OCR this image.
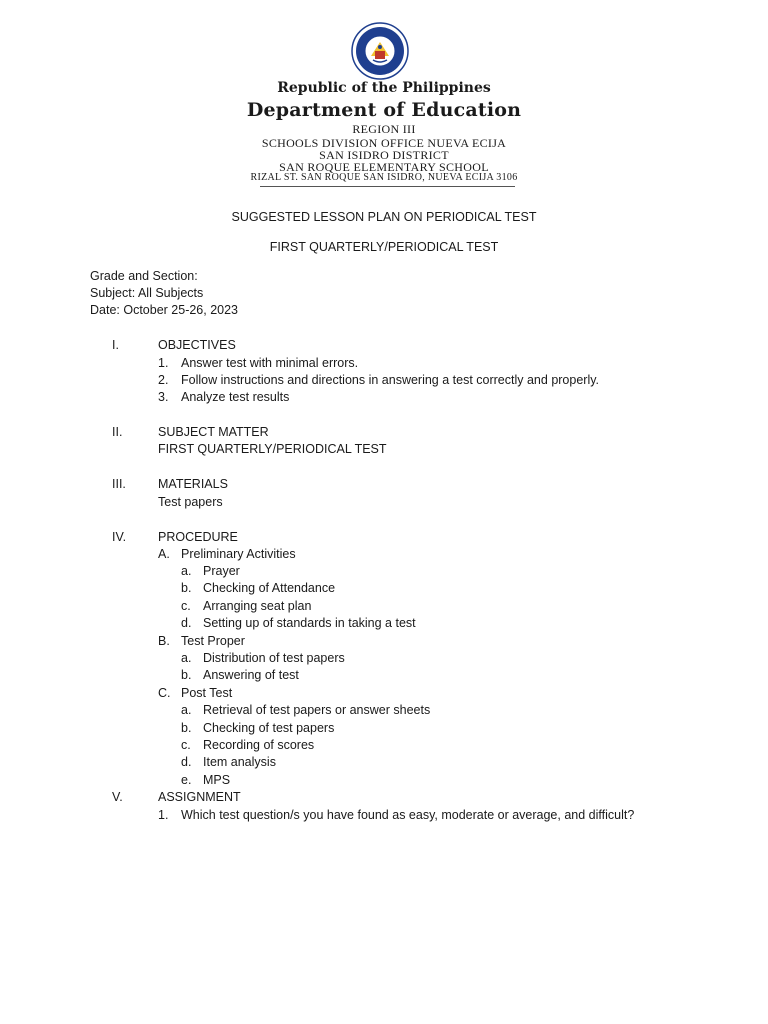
Republic of the Philippines
Department of Education
REGION III
SCHOOLS DIVISION OFFICE NUEVA ECIJA
SAN ISIDRO DISTRICT
SAN ROQUE ELEMENTARY SCHOOL
RIZAL ST. SAN ROQUE SAN ISIDRO, NUEVA ECIJA 3106
SUGGESTED LESSON PLAN ON PERIODICAL TEST
FIRST QUARTERLY/PERIODICAL TEST
Grade and Section:
Subject: All Subjects
Date: October 25-26, 2023
I.	OBJECTIVES
1. Answer test with minimal errors.
2. Follow instructions and directions in answering a test correctly and properly.
3. Analyze test results
II.	SUBJECT MATTER
FIRST QUARTERLY/PERIODICAL TEST
III.	MATERIALS
Test papers
IV.	PROCEDURE
A. Preliminary Activities
a. Prayer
b. Checking of Attendance
c. Arranging seat plan
d. Setting up of standards in taking a test
B. Test Proper
a. Distribution of test papers
b. Answering of test
C. Post Test
a. Retrieval of test papers or answer sheets
b. Checking of test papers
c. Recording of scores
d. Item analysis
e. MPS
V.	ASSIGNMENT
1. Which test question/s you have found as easy, moderate or average, and difficult?
